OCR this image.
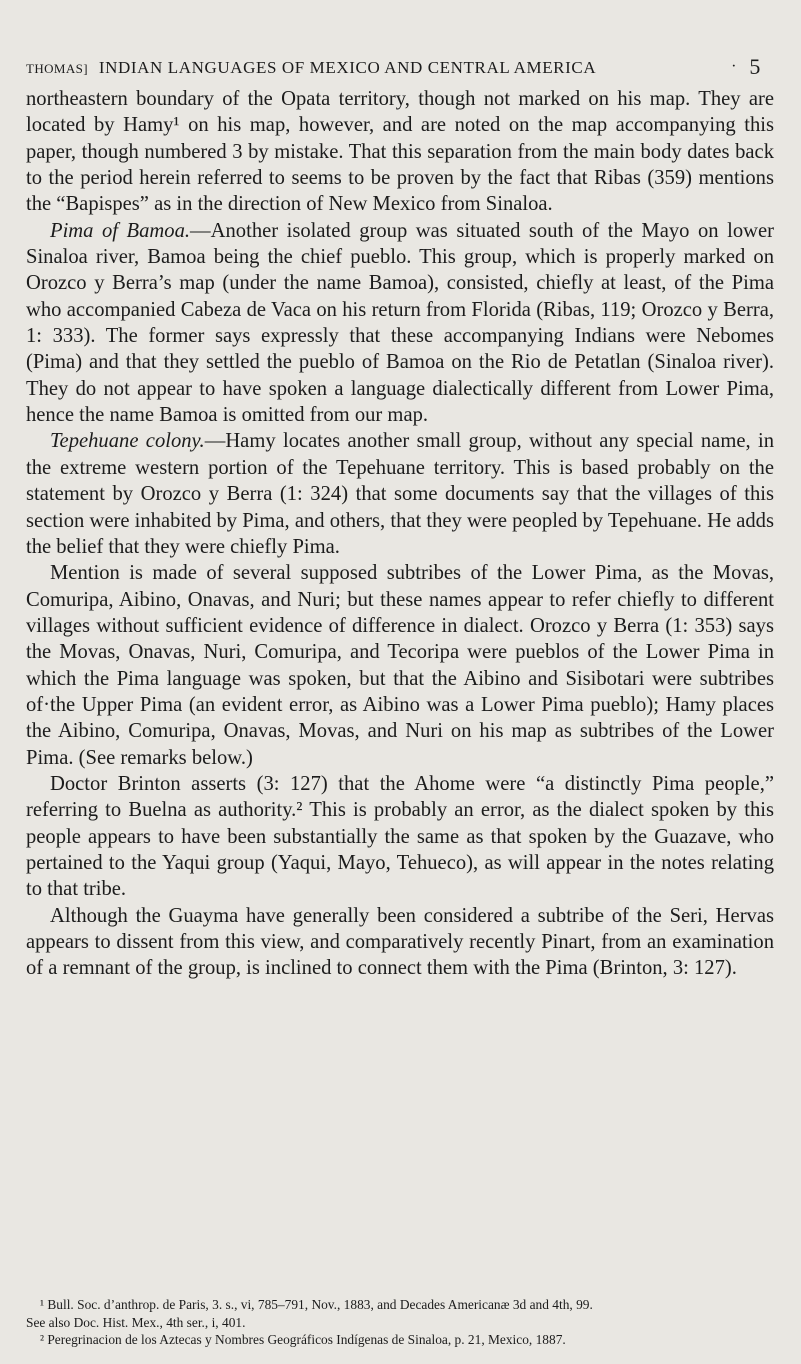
THOMAS] INDIAN LANGUAGES OF MEXICO AND CENTRAL AMERICA	· 5

northeastern boundary of the Opata territory, though not marked on his map. They are located by Hamy¹ on his map, however, and are noted on the map accompanying this paper, though numbered 3 by mistake. That this separation from the main body dates back to the period herein referred to seems to be proven by the fact that Ribas (359) mentions the “Bapispes” as in the direction of New Mexico from Sinaloa.

Pima of Bamoa.—Another isolated group was situated south of the Mayo on lower Sinaloa river, Bamoa being the chief pueblo. This group, which is properly marked on Orozco y Berra’s map (under the name Bamoa), consisted, chiefly at least, of the Pima who accompanied Cabeza de Vaca on his return from Florida (Ribas, 119; Orozco y Berra, 1: 333). The former says expressly that these accompanying Indians were Nebomes (Pima) and that they settled the pueblo of Bamoa on the Rio de Petatlan (Sinaloa river). They do not appear to have spoken a language dialectically different from Lower Pima, hence the name Bamoa is omitted from our map.

Tepehuane colony.—Hamy locates another small group, without any special name, in the extreme western portion of the Tepehuane territory. This is based probably on the statement by Orozco y Berra (1: 324) that some documents say that the villages of this section were inhabited by Pima, and others, that they were peopled by Tepehuane. He adds the belief that they were chiefly Pima.

Mention is made of several supposed subtribes of the Lower Pima, as the Movas, Comuripa, Aibino, Onavas, and Nuri; but these names appear to refer chiefly to different villages without sufficient evidence of difference in dialect. Orozco y Berra (1: 353) says the Movas, Onavas, Nuri, Comuripa, and Tecoripa were pueblos of the Lower Pima in which the Pima language was spoken, but that the Aibino and Sisibotari were subtribes of·the Upper Pima (an evident error, as Aibino was a Lower Pima pueblo); Hamy places the Aibino, Comuripa, Onavas, Movas, and Nuri on his map as subtribes of the Lower Pima. (See remarks below.)

Doctor Brinton asserts (3: 127) that the Ahome were “a distinctly Pima people,” referring to Buelna as authority.² This is probably an error, as the dialect spoken by this people appears to have been substantially the same as that spoken by the Guazave, who pertained to the Yaqui group (Yaqui, Mayo, Tehueco), as will appear in the notes relating to that tribe.

Although the Guayma have generally been considered a subtribe of the Seri, Hervas appears to dissent from this view, and comparatively recently Pinart, from an examination of a remnant of the group, is inclined to connect them with the Pima (Brinton, 3: 127).

¹ Bull. Soc. d’anthrop. de Paris, 3. s., vi, 785–791, Nov., 1883, and Decades Americanæ 3d and 4th, 99.

See also Doc. Hist. Mex., 4th ser., i, 401.

² Peregrinacion de los Aztecas y Nombres Geográficos Indígenas de Sinaloa, p. 21, Mexico, 1887.
